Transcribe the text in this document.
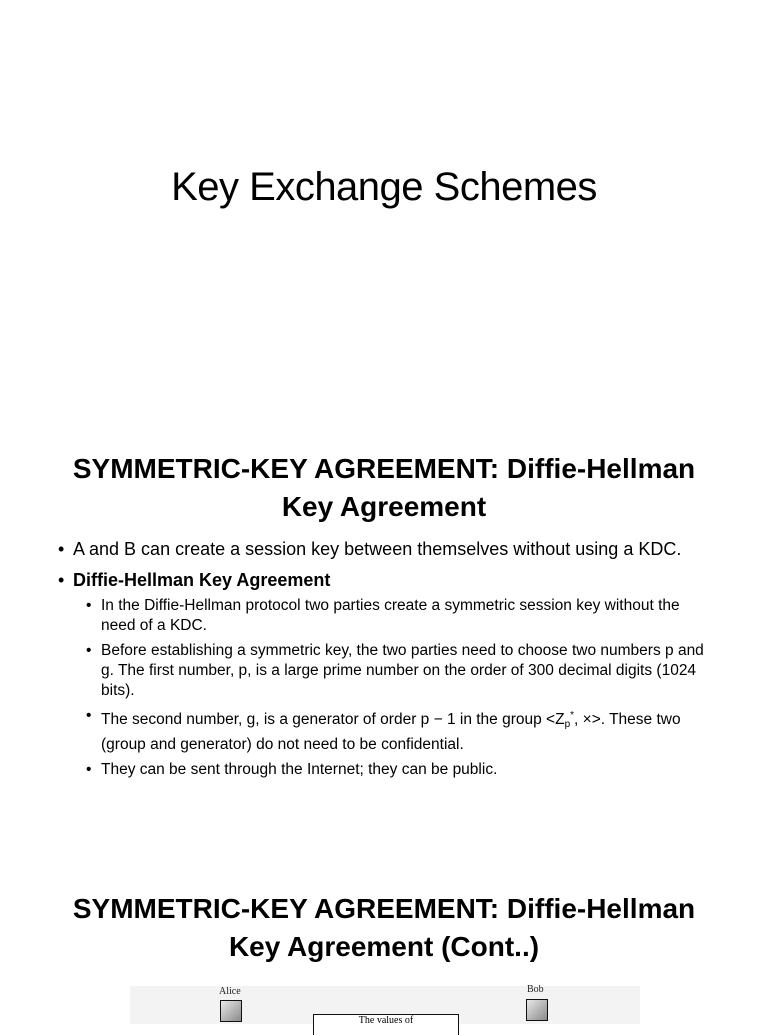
Key Exchange Schemes
SYMMETRIC-KEY AGREEMENT: Diffie-Hellman
Key Agreement
• A and B can create a session key between themselves without using a KDC.
• Diffie-Hellman Key Agreement
• In the Diffie-Hellman protocol two parties create a symmetric session key without the need of a KDC.
• Before establishing a symmetric key, the two parties need to choose two numbers p and g. The first number, p, is a large prime number on the order of 300 decimal digits (1024 bits).
• The second number, g, is a generator of order p − 1 in the group <Zp*, ×>. These two (group and generator) do not need to be confidential.
• They can be sent through the Internet; they can be public.
SYMMETRIC-KEY AGREEMENT: Diffie-Hellman
Key Agreement (Cont..)
Alice	Bob
The values of
